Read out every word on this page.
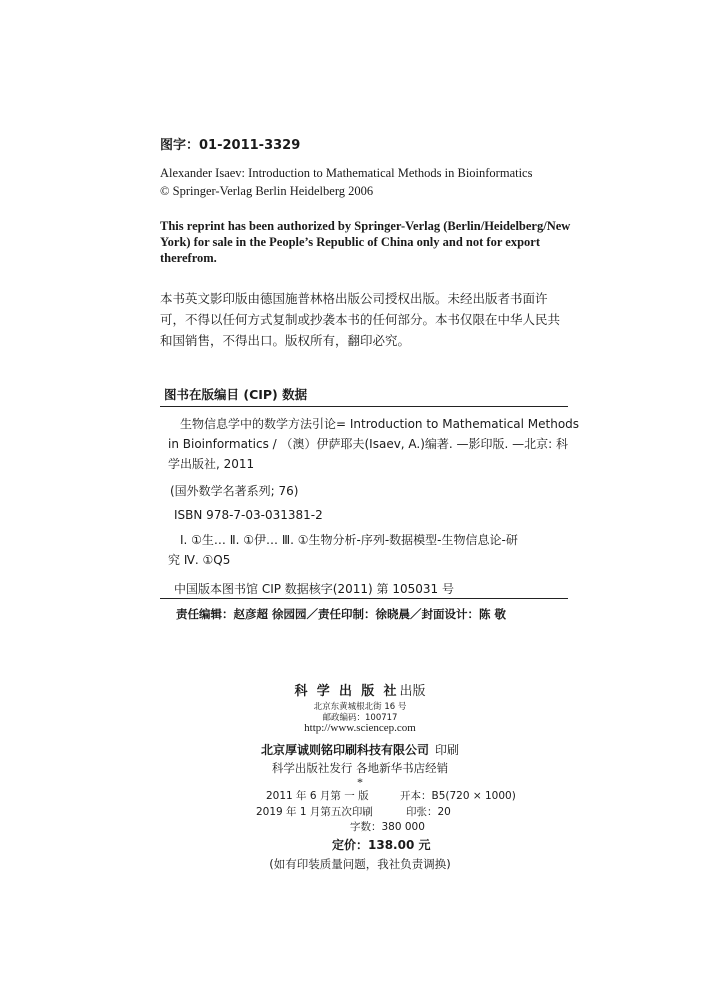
图字：01-2011-3329
Alexander Isaev: Introduction to Mathematical Methods in Bioinformatics
© Springer-Verlag Berlin Heidelberg 2006
This reprint has been authorized by Springer-Verlag (Berlin/Heidelberg/New
York) for sale in the People’s Republic of China only and not for export
therefrom.
本书英文影印版由德国施普林格出版公司授权出版。未经出版者书面许
可，不得以任何方式复制或抄袭本书的任何部分。本书仅限在中华人民共
和国销售，不得出口。版权所有，翻印必究。
图书在版编目 (CIP) 数据
生物信息学中的数学方法引论= Introduction to Mathematical Methods
in Bioinformatics / （澳）伊萨耶夫(Isaev, A.)编著. —影印版. —北京: 科
学出版社, 2011
(国外数学名著系列; 76)
ISBN 978-7-03-031381-2
Ⅰ. ①生… Ⅱ. ①伊… Ⅲ. ①生物分析-序列-数据模型-生物信息论-研
究 Ⅳ. ①Q5
中国版本图书馆 CIP 数据核字(2011) 第 105031 号
责任编辑：赵彦超 徐园园／责任印制：徐晓晨／封面设计：陈 敬
科 学 出 版 社出版
北京东黄城根北街 16 号
邮政编码：100717
http://www.sciencep.com
北京厚诚则铭印刷科技有限公司 印刷
科学出版社发行 各地新华书店经销
*
2011 年 6 月第 一 版	开本：B5(720 × 1000)
2019 年 1 月第五次印刷	印张：20
字数：380 000
定价：138.00 元
(如有印装质量问题，我社负责调换)
